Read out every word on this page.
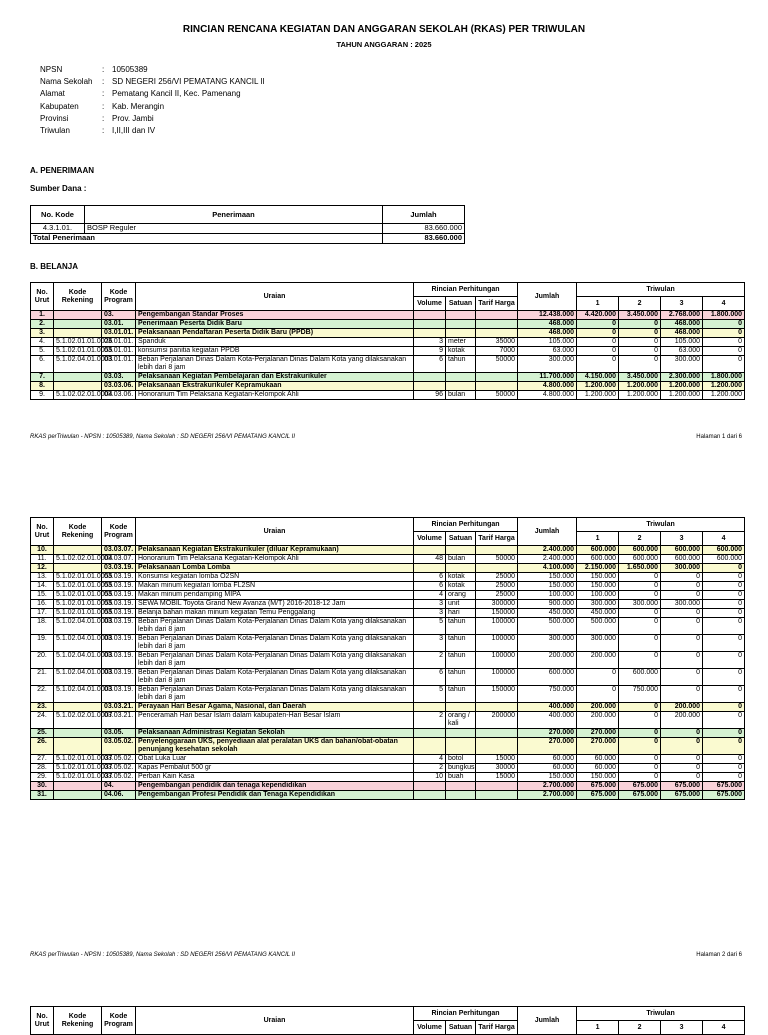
RINCIAN RENCANA KEGIATAN DAN ANGGARAN SEKOLAH (RKAS) PER TRIWULAN
TAHUN ANGGARAN : 2025
NPSN	: 10505389
Nama Sekolah : SD NEGERI 256/VI PEMATANG KANCIL II
Alamat	: Pematang Kancil II, Kec. Pamenang
Kabupaten	: Kab. Merangin
Provinsi	: Prov. Jambi
Triwulan	: I,II,III dan IV
A. PENERIMAAN
Sumber Dana :
No. Kode	Penerimaan	Jumlah
4.3.1.01.	BOSP Reguler	83.660.000
Total Penerimaan		83.660.000
B. BELANJA
No. Urut	Kode Rekening	Kode Program	Uraian	Rincian Perhitungan			Jumlah	Triwulan			
				Volume	Satuan	Tarif Harga		1	2	3	4
1.		03.	Pengembangan Standar Proses				12.438.000	4.420.000	3.450.000	2.768.000	1.800.000
2.		03.01.	Penerimaan Peserta Didik Baru				468.000	0	0	468.000	0
3.		03.01.01.	Pelaksanaan Pendaftaran Peserta Didik Baru (PPDB)				468.000	0	0	468.000	0
4.	5.1.02.01.01.0026	03.01.01.	Spanduk	3	meter	35000	105.000	0	0	105.000	0
5.	5.1.02.01.01.0055	03.01.01.	konsumsi panitia kegiatan PPDB	9	kotak	7000	63.000	0	0	63.000	0
6.	5.1.02.04.01.0003	03.01.01.	Beban Perjalanan Dinas Dalam Kota-Perjalanan Dinas Dalam Kota yang dilaksanakan lebih dari 8 jam	6	tahun	50000	300.000	0	0	300.000	0
7.		03.03.	Pelaksanaan Kegiatan Pembelajaran dan Ekstrakurikuler				11.700.000	4.150.000	3.450.000	2.300.000	1.800.000
8.		03.03.06.	Pelaksanaan Ekstrakurikuler Kepramukaan				4.800.000	1.200.000	1.200.000	1.200.000	1.200.000
9.	5.1.02.02.01.0004	03.03.06.	Honorarium Tim Pelaksana Kegiatan-Kelompok Ahli	96	bulan	50000	4.800.000	1.200.000	1.200.000	1.200.000	1.200.000
RKAS perTriwulan - NPSN : 10505389, Nama Sekolah : SD NEGERI 256/VI PEMATANG KANCIL II	Halaman 1 dari 6
No. Urut	Kode Rekening	Kode Program	Uraian	Rincian Perhitungan			Jumlah	Triwulan			
				Volume	Satuan	Tarif Harga		1	2	3	4
10.		03.03.07.	Pelaksanaan Kegiatan Ekstrakurikuler (diluar Kepramukaan)				2.400.000	600.000	600.000	600.000	600.000
11.	5.1.02.02.01.0004	03.03.07.	Honorarium Tim Pelaksana Kegiatan-Kelompok Ahli	48	bulan	50000	2.400.000	600.000	600.000	600.000	600.000
12.		03.03.19.	Pelaksanaan Lomba Lomba				4.100.000	2.150.000	1.650.000	300.000	0
13.	5.1.02.01.01.0055	03.03.19.	Konsumsi kegiatan lomba O2SN	6	kotak	25000	150.000	150.000	0	0	0
14.	5.1.02.01.01.0055	03.03.19.	Makan minum kegiatan lomba FL2SN	6	kotak	25000	150.000	150.000	0	0	0
15.	5.1.02.01.01.0055	03.03.19.	Makan minum pendamping MIPA	4	orang	25000	100.000	100.000	0	0	0
16.	5.1.02.01.01.0055	03.03.19.	SEWA MOBIL Toyota Grand New Avanza (M/T) 2016-2018-12 Jam	3	unit	300000	900.000	300.000	300.000	300.000	0
17.	5.1.02.01.01.0055	03.03.19.	Belanja bahan makan minum kegiatan Temu Penggalang	3	hari	150000	450.000	450.000	0	0	0
18.	5.1.02.04.01.0003	03.03.19.	Beban Perjalanan Dinas Dalam Kota-Perjalanan Dinas Dalam Kota yang dilaksanakan lebih dari 8 jam	5	tahun	100000	500.000	500.000	0	0	0
19.	5.1.02.04.01.0003	03.03.19.	Beban Perjalanan Dinas Dalam Kota-Perjalanan Dinas Dalam Kota yang dilaksanakan lebih dari 8 jam	3	tahun	100000	300.000	300.000	0	0	0
20.	5.1.02.04.01.0003	03.03.19.	Beban Perjalanan Dinas Dalam Kota-Perjalanan Dinas Dalam Kota yang dilaksanakan lebih dari 8 jam	2	tahun	100000	200.000	200.000	0	0	0
21.	5.1.02.04.01.0003	03.03.19.	Beban Perjalanan Dinas Dalam Kota-Perjalanan Dinas Dalam Kota yang dilaksanakan lebih dari 8 jam	6	tahun	100000	600.000	0	600.000	0	0
22.	5.1.02.04.01.0003	03.03.19.	Beban Perjalanan Dinas Dalam Kota-Perjalanan Dinas Dalam Kota yang dilaksanakan lebih dari 8 jam	5	tahun	150000	750.000	0	750.000	0	0
23.		03.03.21.	Perayaan Hari Besar Agama, Nasional, dan Daerah				400.000	200.000	0	200.000	0
24.	5.1.02.02.01.0007	03.03.21.	Penceramah Hari besar Islam dalam kabupaten-Hari Besar Islam	2	orang / kali	200000	400.000	200.000	0	200.000	0
25.		03.05.	Pelaksanaan Administrasi Kegiatan Sekolah				270.000	270.000	0	0	0
26.		03.05.02.	Penyelenggaraan UKS, penyediaan alat peralatan UKS dan bahan/obat-obatan penunjang kesehatan sekolah				270.000	270.000	0	0	0
27.	5.1.02.01.01.0037	03.05.02.	Obat Luka Luar	4	botol	15000	60.000	60.000	0	0	0
28.	5.1.02.01.01.0037	03.05.02.	Kapas Pembalut 500 gr	2	bungkus	30000	60.000	60.000	0	0	0
29.	5.1.02.01.01.0037	03.05.02.	Perban Kain Kasa	10	buah	15000	150.000	150.000	0	0	0
30.		04.	Pengembangan pendidik dan tenaga kependidikan				2.700.000	675.000	675.000	675.000	675.000
31.		04.06.	Pengembangan Profesi Pendidik dan Tenaga Kependidikan				2.700.000	675.000	675.000	675.000	675.000
RKAS perTriwulan - NPSN : 10505389, Nama Sekolah : SD NEGERI 256/VI PEMATANG KANCIL II	Halaman 2 dari 6
No. Urut	Kode Rekening	Kode Program	Uraian	Rincian Perhitungan			Jumlah	Triwulan			
				Volume	Satuan	Tarif Harga		1	2	3	4
